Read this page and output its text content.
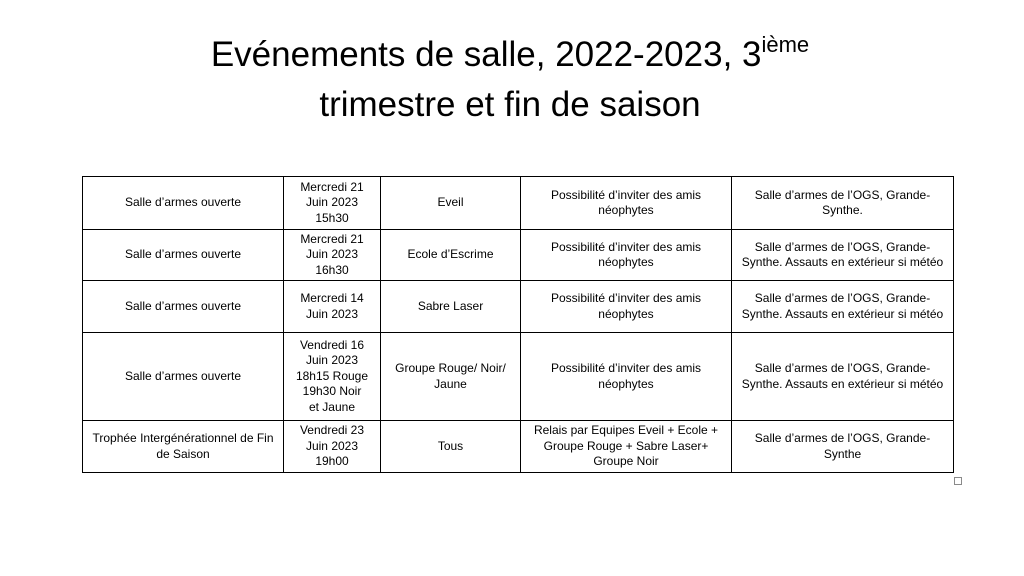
Evénements de salle, 2022-2023, 3ième
trimestre et fin de saison
Salle d’armes ouverte	Mercredi 21
Juin 2023
15h30	Eveil	Possibilité d’inviter des amis néophytes	Salle d’armes de l’OGS, Grande-Synthe.

Salle d’armes ouverte	Mercredi 21
Juin 2023
16h30	Ecole d’Escrime	Possibilité d’inviter des amis néophytes	Salle d’armes de l’OGS, Grande-Synthe. Assauts en extérieur si météo

Salle d’armes ouverte	Mercredi 14
Juin 2023	Sabre Laser	Possibilité d’inviter des amis néophytes	Salle d’armes de l’OGS, Grande-Synthe. Assauts en extérieur si météo

Salle d’armes ouverte	Vendredi 16
Juin 2023
18h15 Rouge
19h30 Noir
et Jaune	Groupe Rouge/ Noir/ Jaune	Possibilité d’inviter des amis néophytes	Salle d’armes de l’OGS, Grande-Synthe. Assauts en extérieur si météo

Trophée Intergénérationnel de Fin de Saison	Vendredi 23
Juin 2023
19h00	Tous	Relais par Equipes Eveil + Ecole + Groupe Rouge + Sabre Laser+ Groupe Noir	Salle d’armes de l’OGS, Grande-Synthe
